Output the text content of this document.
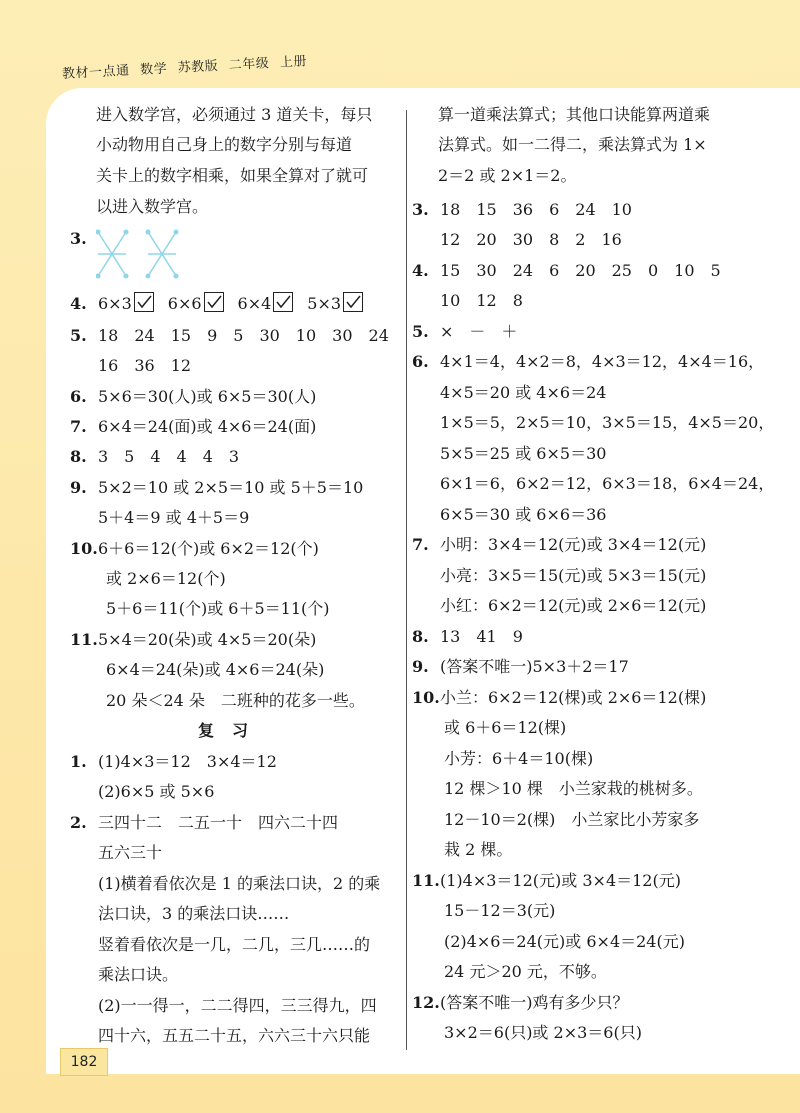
教材一点通 数学 苏教版 二年级 上册
进入数学宫，必须通过 3 道关卡，每只
小动物用自己身上的数字分别与每道
关卡上的数字相乘，如果全算对了就可
以进入数学宫。
3.
4. 6×3 6×6 6×4 5×3
5. 18　24　15　9　5　30　10　30　24
16　36　12
6. 5×6＝30(人)或 6×5＝30(人)
7. 6×4＝24(面)或 4×6＝24(面)
8. 3　5　4　4　4　3
9. 5×2＝10 或 2×5＝10 或 5＋5＝10
5＋4＝9 或 4＋5＝9
10.6＋6＝12(个)或 6×2＝12(个)
或 2×6＝12(个)
5＋6＝11(个)或 6＋5＝11(个)
11.5×4＝20(朵)或 4×5＝20(朵)
6×4＝24(朵)或 4×6＝24(朵)
20 朵＜24 朵　二班种的花多一些。
复习
1. (1)4×3＝12　3×4＝12
(2)6×5 或 5×6
2. 三四十二　二五一十　四六二十四
五六三十
(1)横着看依次是 1 的乘法口诀，2 的乘
法口诀，3 的乘法口诀……
竖着看依次是一几，二几，三几……的
乘法口诀。
(2)一一得一，二二得四，三三得九，四
四十六，五五二十五，六六三十六只能
算一道乘法算式；其他口诀能算两道乘
法算式。如一二得二，乘法算式为 1×
2＝2 或 2×1＝2。
3. 18　15　36　6　24　10
12　20　30　8　2　16
4. 15　30　24　6　20　25　0　10　5
10　12　8
5. ×　－　＋
6. 4×1＝4，4×2＝8，4×3＝12，4×4＝16，
4×5＝20 或 4×6＝24
1×5＝5，2×5＝10，3×5＝15，4×5＝20，
5×5＝25 或 6×5＝30
6×1＝6，6×2＝12，6×3＝18，6×4＝24，
6×5＝30 或 6×6＝36
7. 小明：3×4＝12(元)或 3×4＝12(元)
小亮：3×5＝15(元)或 5×3＝15(元)
小红：6×2＝12(元)或 2×6＝12(元)
8. 13　41　9
9. (答案不唯一)5×3＋2＝17
10.小兰：6×2＝12(棵)或 2×6＝12(棵)
或 6＋6＝12(棵)
小芳：6＋4＝10(棵)
12 棵＞10 棵　小兰家栽的桃树多。
12－10＝2(棵)　小兰家比小芳家多
栽 2 棵。
11.(1)4×3＝12(元)或 3×4＝12(元)
15－12＝3(元)
(2)4×6＝24(元)或 6×4＝24(元)
24 元＞20 元，不够。
12.(答案不唯一)鸡有多少只？
3×2＝6(只)或 2×3＝6(只)
182
